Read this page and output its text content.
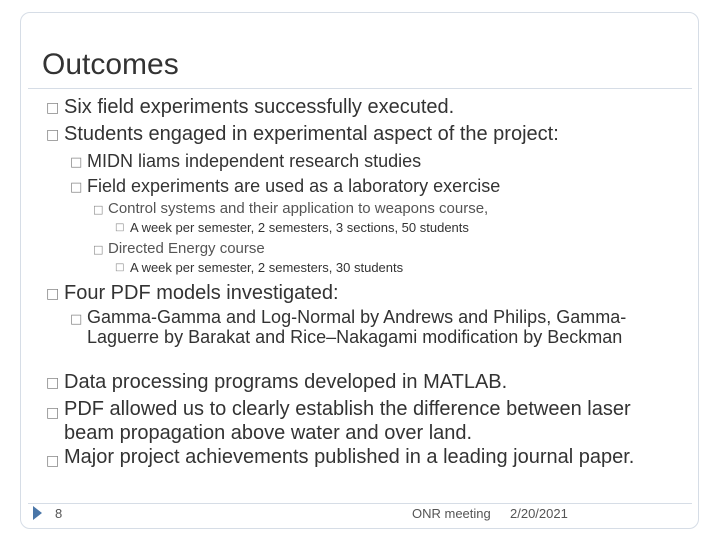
Outcomes
□ Six field experiments successfully executed.
□ Students engaged in experimental aspect of the project:
□ MIDN liams independent research studies
□ Field experiments are used as a laboratory exercise
□ Control systems and their application to weapons course,
□ A week per semester, 2 semesters, 3 sections, 50 students
□ Directed Energy course
□ A week per semester, 2 semesters, 30 students
□ Four PDF models investigated:
□ Gamma-Gamma and Log-Normal by Andrews and Philips, Gamma-Laguerre by Barakat and Rice–Nakagami modification by Beckman
□ Data processing programs developed in MATLAB.
□ PDF allowed us to clearly establish the difference between laser beam propagation above water and over land.
□ Major project achievements published in a leading journal paper.
8	ONR meeting 2/20/2021
